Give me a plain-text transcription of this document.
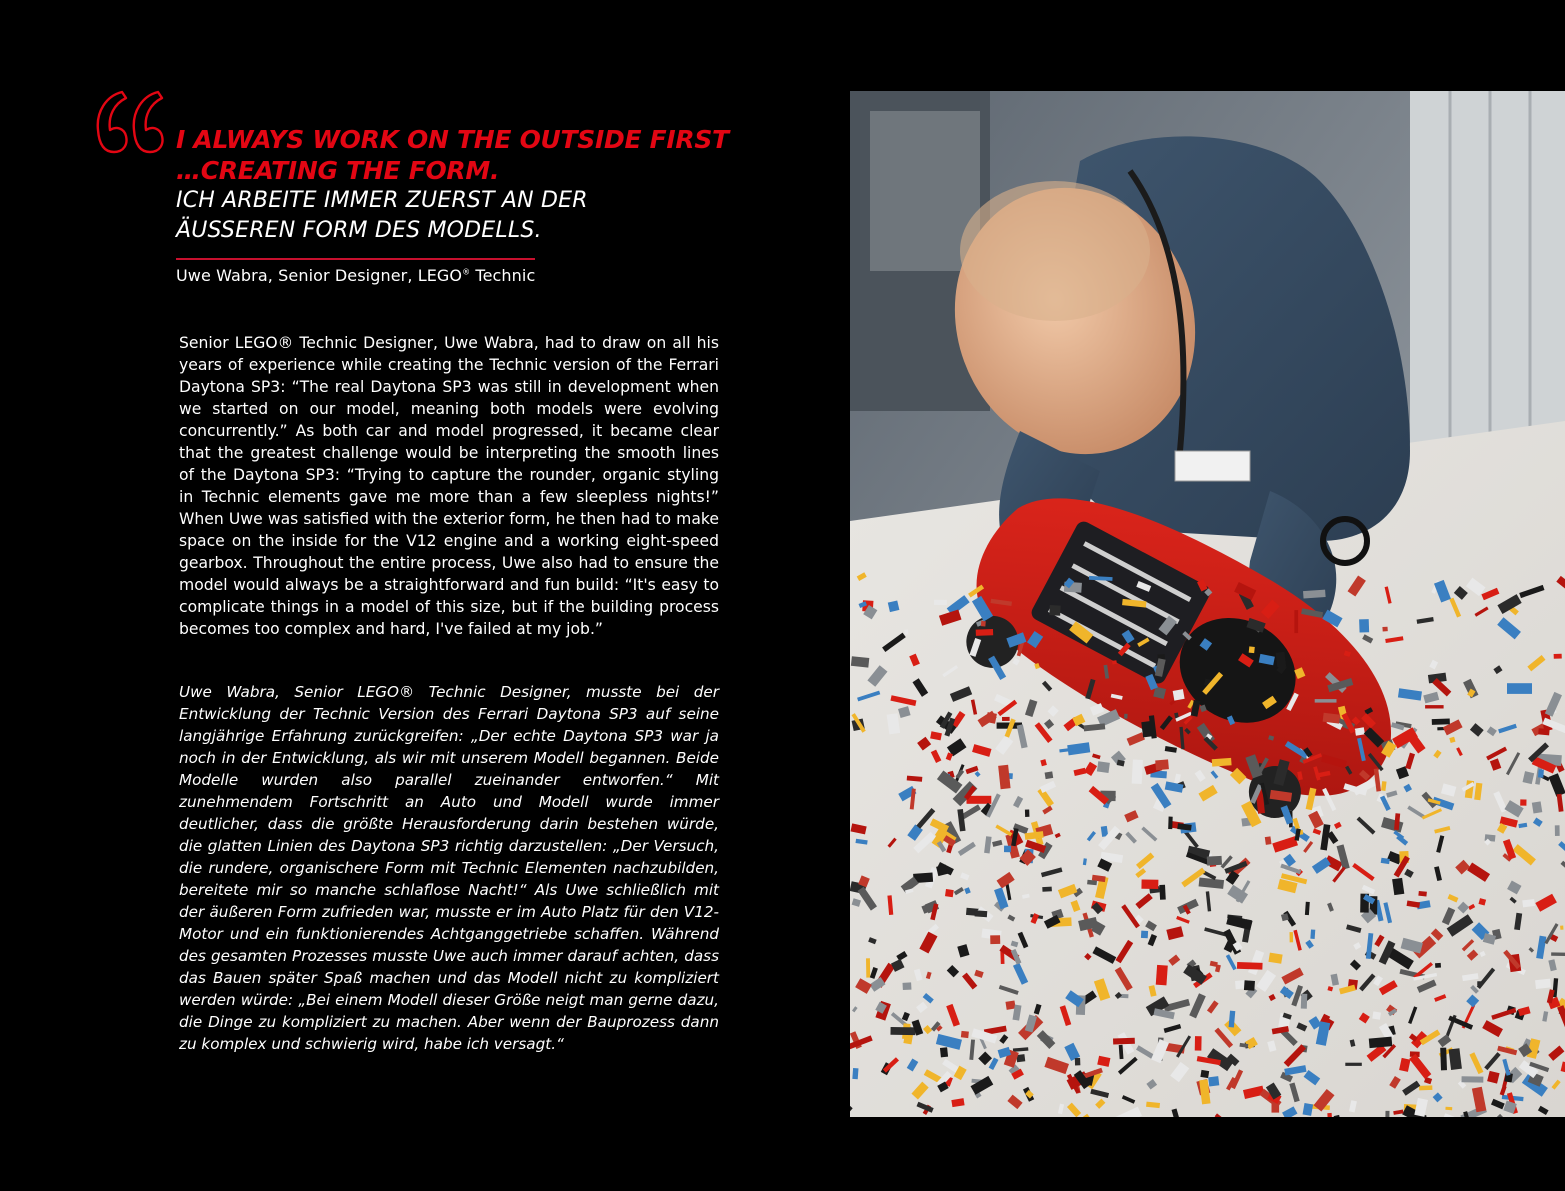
I ALWAYS WORK ON THE OUTSIDE FIRST

…CREATING THE FORM.

ICH ARBEITE IMMER ZUERST AN DER

ÄUSSEREN FORM DES MODELLS.

Uwe Wabra, Senior Designer, LEGO® Technic

Senior LEGO® Technic Designer, Uwe Wabra, had to draw on all his years of experience while creating the Technic version of the Ferrari Daytona SP3: “The real Daytona SP3 was still in development when we started on our model, meaning both models were evolving concurrently.” As both car and model progressed, it became clear that the greatest challenge would be interpreting the smooth lines of the Daytona SP3: “Trying to capture the rounder, organic styling in Technic elements gave me more than a few sleepless nights!” When Uwe was satisfied with the exterior form, he then had to make space on the inside for the V12 engine and a working eight-speed gearbox. Throughout the entire process, Uwe also had to ensure the model would always be a straightforward and fun build: “It's easy to complicate things in a model of this size, but if the building process becomes too complex and hard, I've failed at my job.”

Uwe Wabra, Senior LEGO® Technic Designer, musste bei der Entwicklung der Technic Version des Ferrari Daytona SP3 auf seine langjährige Erfahrung zurückgreifen: „Der echte Daytona SP3 war ja noch in der Entwicklung, als wir mit unserem Modell begannen. Beide Modelle wurden also parallel zueinander entworfen.“ Mit zunehmendem Fortschritt an Auto und Modell wurde immer deutlicher, dass die größte Herausforderung darin bestehen würde, die glatten Linien des Daytona SP3 richtig darzustellen: „Der Versuch, die rundere, organischere Form mit Technic Elementen nachzubilden, bereitete mir so manche schlaflose Nacht!“ Als Uwe schließlich mit der äußeren Form zufrieden war, musste er im Auto Platz für den V12-Motor und ein funktionierendes Achtganggetriebe schaffen. Während des gesamten Prozesses musste Uwe auch immer darauf achten, dass das Bauen später Spaß machen und das Modell nicht zu kompliziert werden würde: „Bei einem Modell dieser Größe neigt man gerne dazu, die Dinge zu kompliziert zu machen. Aber wenn der Bauprozess dann zu komplex und schwierig wird, habe ich versagt.“
